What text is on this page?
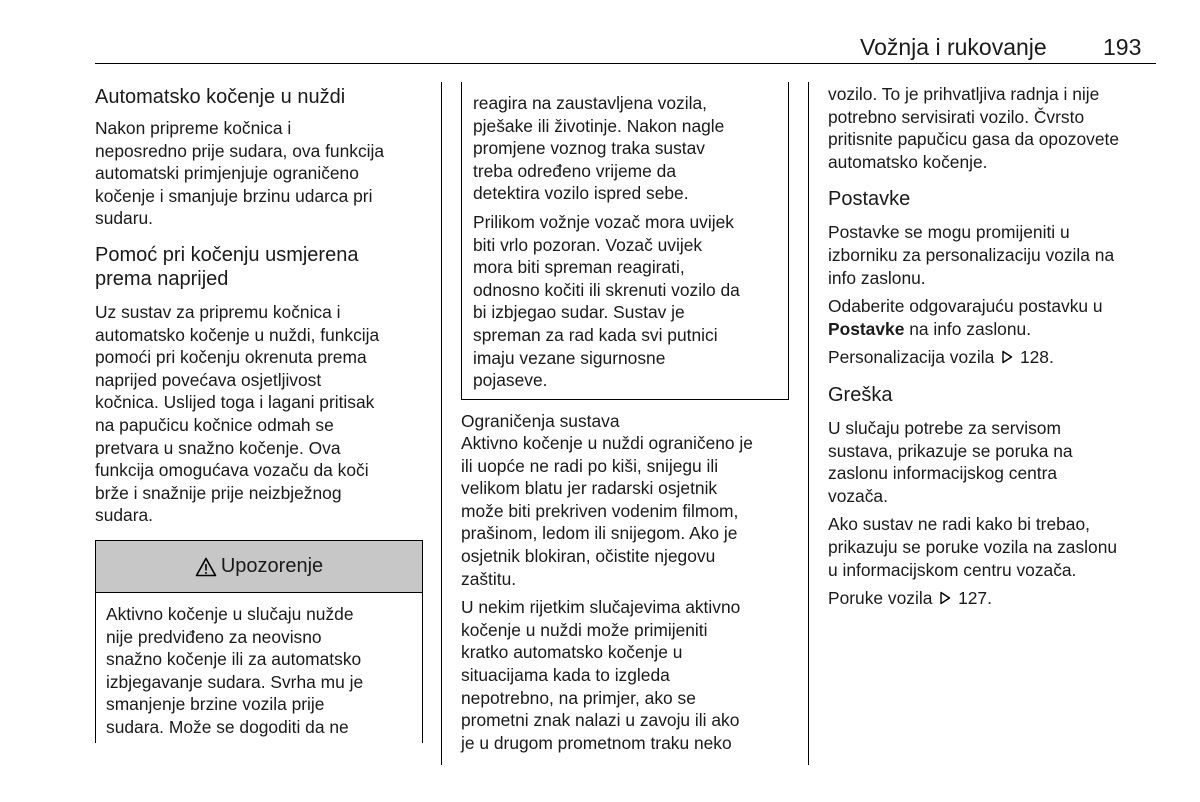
Vožnja i rukovanje 193
Automatsko kočenje u nuždi

Nakon pripreme kočnica i
neposredno prije sudara, ova funkcija
automatski primjenjuje ograničeno
kočenje i smanjuje brzinu udarca pri
sudaru.

Pomoć pri kočenju usmjerena
prema naprijed

Uz sustav za pripremu kočnica i
automatsko kočenje u nuždi, funkcija
pomoći pri kočenju okrenuta prema
naprijed povećava osjetljivost
kočnica. Uslijed toga i lagani pritisak
na papučicu kočnice odmah se
pretvara u snažno kočenje. Ova
funkcija omogućava vozaču da koči
brže i snažnije prije neizbježnog
sudara.

Upozorenje

Aktivno kočenje u slučaju nužde
nije predviđeno za neovisno
snažno kočenje ili za automatsko
izbjegavanje sudara. Svrha mu je
smanjenje brzine vozila prije
sudara. Može se dogoditi da ne

reagira na zaustavljena vozila,
pješake ili životinje. Nakon nagle
promjene voznog traka sustav
treba određeno vrijeme da
detektira vozilo ispred sebe.

Prilikom vožnje vozač mora uvijek
biti vrlo pozoran. Vozač uvijek
mora biti spreman reagirati,
odnosno kočiti ili skrenuti vozilo da
bi izbjegao sudar. Sustav je
spreman za rad kada svi putnici
imaju vezane sigurnosne
pojaseve.

Ograničenja sustava

Aktivno kočenje u nuždi ograničeno je
ili uopće ne radi po kiši, snijegu ili
velikom blatu jer radarski osjetnik
može biti prekriven vodenim filmom,
prašinom, ledom ili snijegom. Ako je
osjetnik blokiran, očistite njegovu
zaštitu.

U nekim rijetkim slučajevima aktivno
kočenje u nuždi može primijeniti
kratko automatsko kočenje u
situacijama kada to izgleda
nepotrebno, na primjer, ako se
prometni znak nalazi u zavoju ili ako
je u drugom prometnom traku neko

vozilo. To je prihvatljiva radnja i nije
potrebno servisirati vozilo. Čvrsto
pritisnite papučicu gasa da opozovete
automatsko kočenje.

Postavke

Postavke se mogu promijeniti u
izborniku za personalizaciju vozila na
info zaslonu.

Odaberite odgovarajuću postavku u
Postavke na info zaslonu.

Personalizacija vozila 128.

Greška

U slučaju potrebe za servisom
sustava, prikazuje se poruka na
zaslonu informacijskog centra
vozača.

Ako sustav ne radi kako bi trebao,
prikazuju se poruke vozila na zaslonu
u informacijskom centru vozača.

Poruke vozila 127.
